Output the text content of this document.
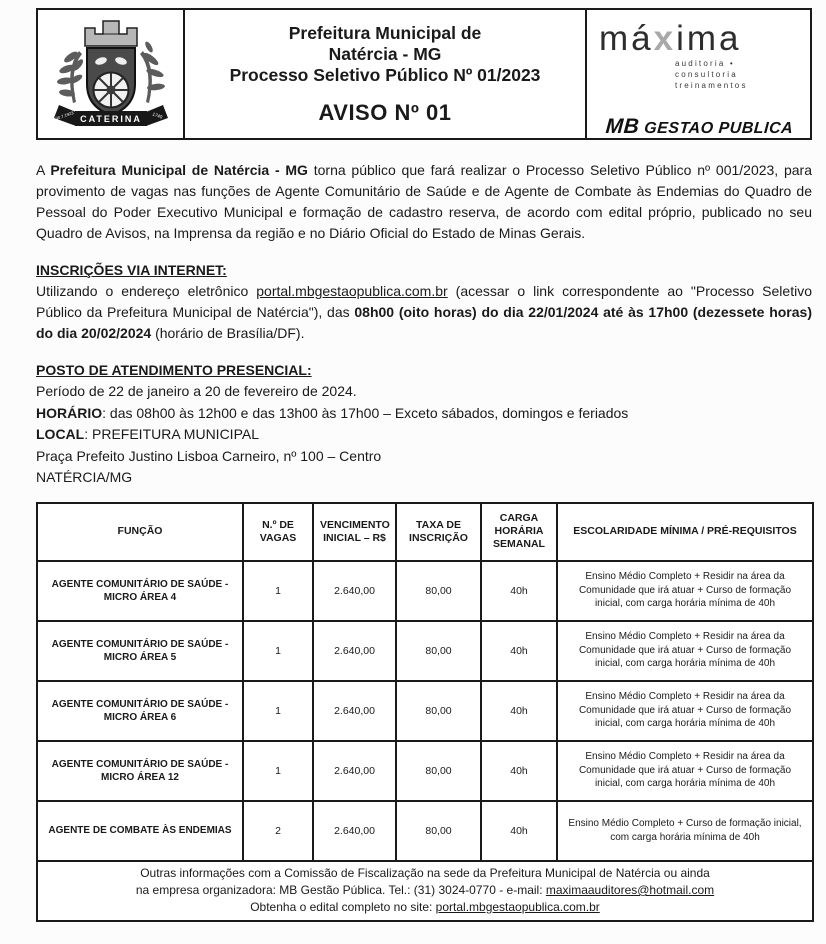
CATERINA
30.7.1923	1740
Prefeitura Municipal de
Natércia - MG
Processo Seletivo Público Nº 01/2023
AVISO Nº 01
máxima
auditoria • consultoria
treinamentos
MB GESTAO PUBLICA

A Prefeitura Municipal de Natércia - MG torna público que fará realizar o Processo Seletivo Público nº 001/2023, para provimento de vagas nas funções de Agente Comunitário de Saúde e de Agente de Combate às Endemias do Quadro de Pessoal do Poder Executivo Municipal e formação de cadastro reserva, de acordo com edital próprio, publicado no seu Quadro de Avisos, na Imprensa da região e no Diário Oficial do Estado de Minas Gerais.

INSCRIÇÕES VIA INTERNET:
Utilizando o endereço eletrônico portal.mbgestaopublica.com.br (acessar o link correspondente ao "Processo Seletivo Público da Prefeitura Municipal de Natércia"), das 08h00 (oito horas) do dia 22/01/2024 até às 17h00 (dezessete horas) do dia 20/02/2024 (horário de Brasília/DF).
POSTO DE ATENDIMENTO PRESENCIAL:
Período de 22 de janeiro a 20 de fevereiro de 2024.
HORÁRIO: das 08h00 às 12h00 e das 13h00 às 17h00 – Exceto sábados, domingos e feriados
LOCAL: PREFEITURA MUNICIPAL
Praça Prefeito Justino Lisboa Carneiro, nº 100 – Centro
NATÉRCIA/MG
FUNÇÃO	N.º DE VAGAS	VENCIMENTO INICIAL – R$	TAXA DE INSCRIÇÃO	CARGA HORÁRIA SEMANAL	ESCOLARIDADE MÍNIMA / PRÉ-REQUISITOS
AGENTE COMUNITÁRIO DE SAÚDE - MICRO ÁREA 4	1	2.640,00	80,00	40h	Ensino Médio Completo + Residir na área da Comunidade que irá atuar + Curso de formação inicial, com carga horária mínima de 40h
AGENTE COMUNITÁRIO DE SAÚDE - MICRO ÁREA 5	1	2.640,00	80,00	40h	Ensino Médio Completo + Residir na área da Comunidade que irá atuar + Curso de formação inicial, com carga horária mínima de 40h
AGENTE COMUNITÁRIO DE SAÚDE - MICRO ÁREA 6	1	2.640,00	80,00	40h	Ensino Médio Completo + Residir na área da Comunidade que irá atuar + Curso de formação inicial, com carga horária mínima de 40h
AGENTE COMUNITÁRIO DE SAÚDE - MICRO ÁREA 12	1	2.640,00	80,00	40h	Ensino Médio Completo + Residir na área da Comunidade que irá atuar + Curso de formação inicial, com carga horária mínima de 40h
AGENTE DE COMBATE ÀS ENDEMIAS	2	2.640,00	80,00	40h	Ensino Médio Completo + Curso de formação inicial, com carga horária mínima de 40h

Outras informações com a Comissão de Fiscalização na sede da Prefeitura Municipal de Natércia ou ainda
na empresa organizadora: MB Gestão Pública. Tel.: (31) 3024-0770 - e-mail: maximaauditores@hotmail.com
Obtenha o edital completo no site: portal.mbgestaopublica.com.br					
